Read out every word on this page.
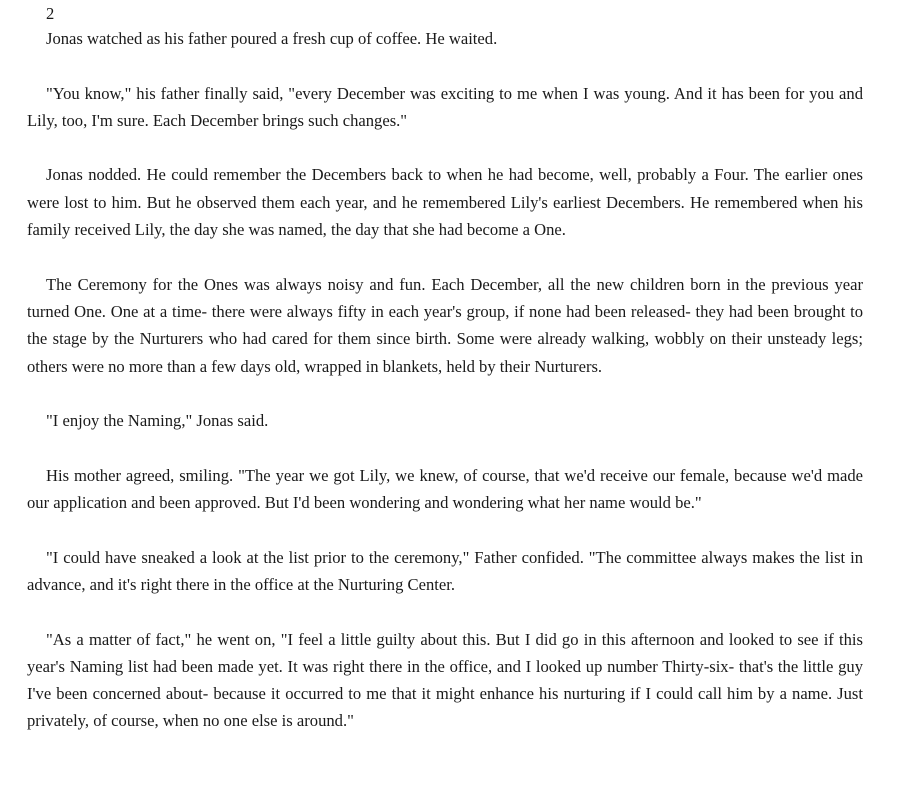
2

Jonas watched as his father poured a fresh cup of coffee. He waited.

"You know," his father finally said, "every December was exciting to me when I was young. And it has been for you and Lily, too, I'm sure. Each December brings such changes."

Jonas nodded. He could remember the Decembers back to when he had become, well, probably a Four. The earlier ones were lost to him. But he observed them each year, and he remembered Lily's earliest Decembers. He remembered when his family received Lily, the day she was named, the day that she had become a One.

The Ceremony for the Ones was always noisy and fun. Each December, all the new children born in the previous year turned One. One at a time- there were always fifty in each year's group, if none had been released- they had been brought to the stage by the Nurturers who had cared for them since birth. Some were already walking, wobbly on their unsteady legs; others were no more than a few days old, wrapped in blankets, held by their Nurturers.

"I enjoy the Naming," Jonas said.

His mother agreed, smiling. "The year we got Lily, we knew, of course, that we'd receive our female, because we'd made our application and been approved. But I'd been wondering and wondering what her name would be."

"I could have sneaked a look at the list prior to the ceremony," Father confided. "The committee always makes the list in advance, and it's right there in the office at the Nurturing Center.

"As a matter of fact," he went on, "I feel a little guilty about this. But I did go in this afternoon and looked to see if this year's Naming list had been made yet. It was right there in the office, and I looked up number Thirty-six- that's the little guy I've been concerned about- because it occurred to me that it might enhance his nurturing if I could call him by a name. Just privately, of course, when no one else is around."
